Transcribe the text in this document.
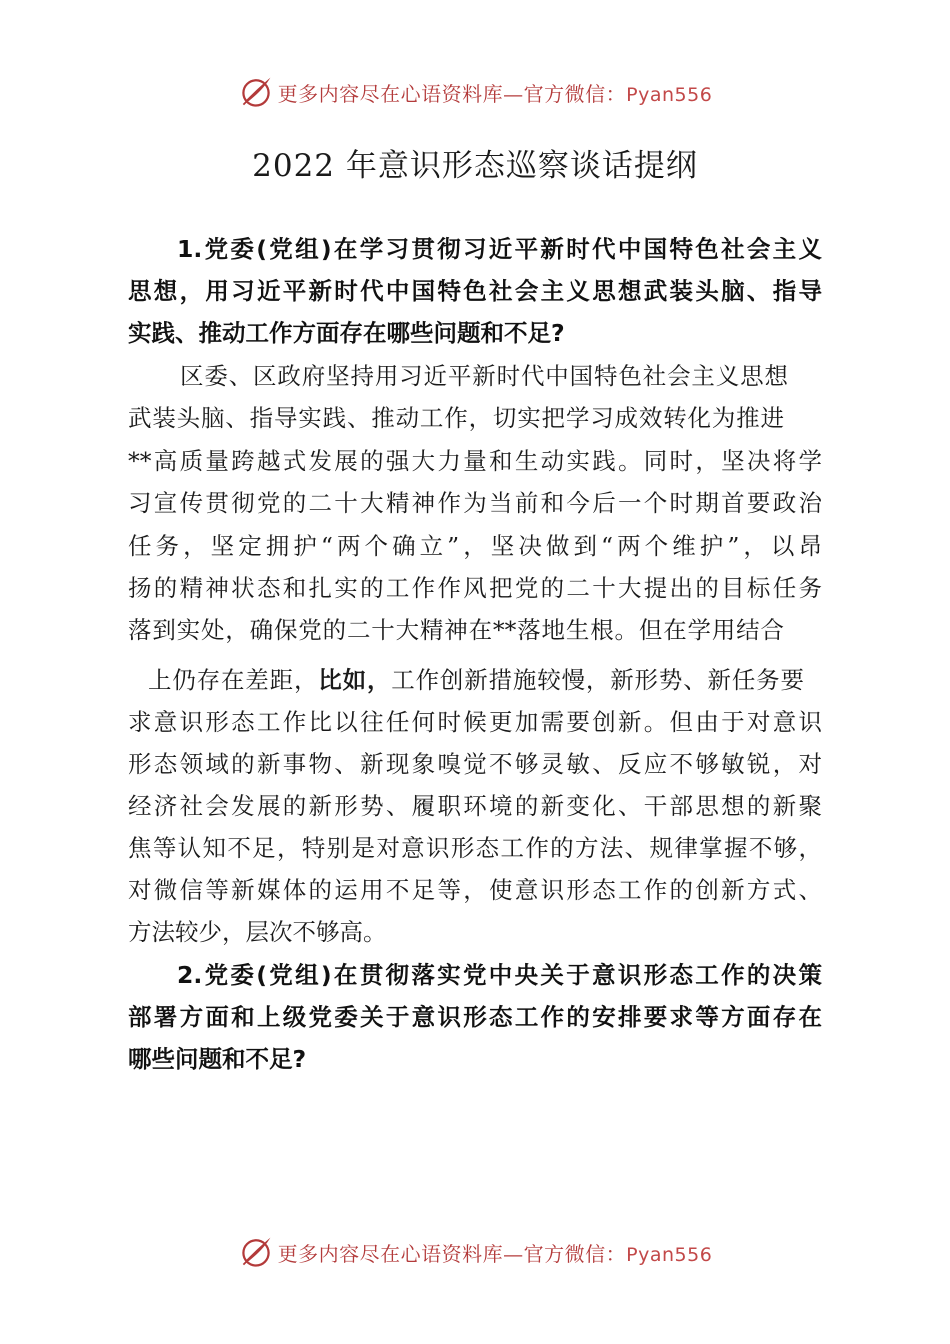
更多内容尽在心语资料库—官方微信：Pyan556
2022 年意识形态巡察谈话提纲
1.党委(党组)在学习贯彻习近平新时代中国特色社会主义
思想，用习近平新时代中国特色社会主义思想武装头脑、指导
实践、推动工作方面存在哪些问题和不足?
区委、区政府坚持用习近平新时代中国特色社会主义思想
武装头脑、指导实践、推动工作，切实把学习成效转化为推进
**高质量跨越式发展的强大力量和生动实践。同时，坚决将学
习宣传贯彻党的二十大精神作为当前和今后一个时期首要政治
任务，坚定拥护“两个确立”，坚决做到“两个维护”，以昂
扬的精神状态和扎实的工作作风把党的二十大提出的目标任务
落到实处，确保党的二十大精神在**落地生根。但在学用结合
上仍存在差距，比如，工作创新措施较慢，新形势、新任务要
求意识形态工作比以往任何时候更加需要创新。但由于对意识
形态领域的新事物、新现象嗅觉不够灵敏、反应不够敏锐，对
经济社会发展的新形势、履职环境的新变化、干部思想的新聚
焦等认知不足，特别是对意识形态工作的方法、规律掌握不够，
对微信等新媒体的运用不足等，使意识形态工作的创新方式、
方法较少，层次不够高。
2.党委(党组)在贯彻落实党中央关于意识形态工作的决策
部署方面和上级党委关于意识形态工作的安排要求等方面存在
哪些问题和不足?
更多内容尽在心语资料库—官方微信：Pyan556
